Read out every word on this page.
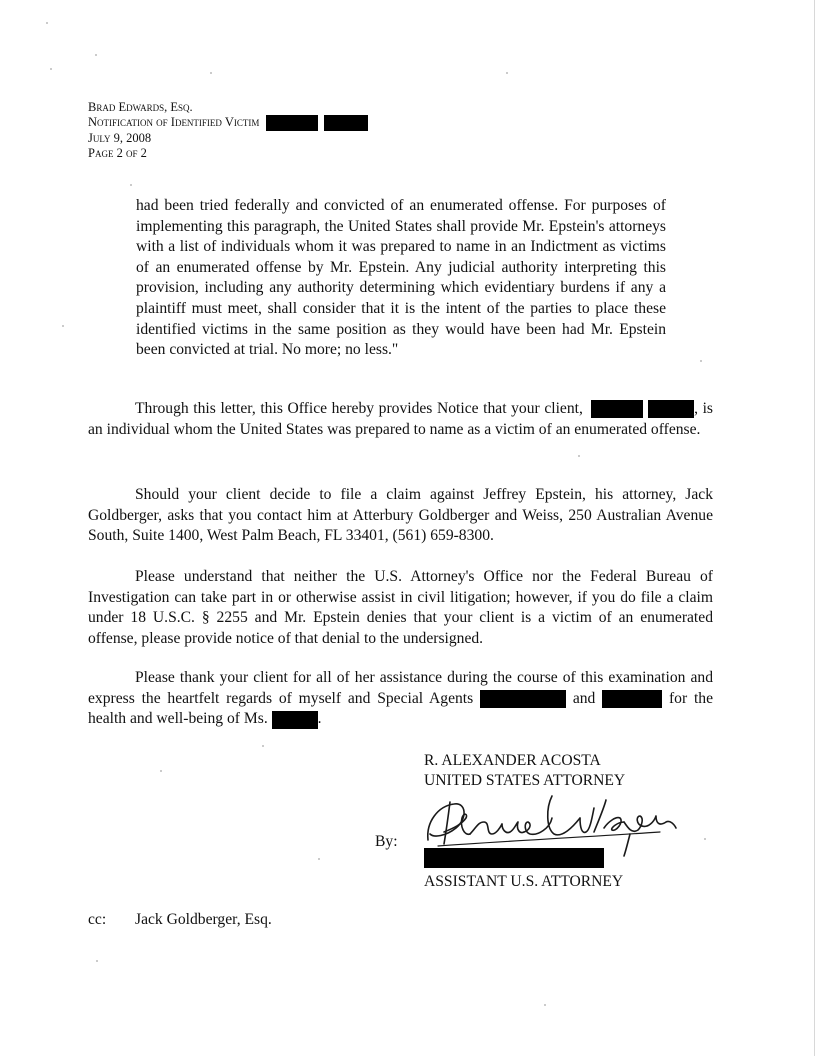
Brad Edwards, Esq.
Notification of Identified Victim
July 9, 2008
Page 2 of 2
had been tried federally and convicted of an enumerated offense. For purposes of implementing this paragraph, the United States shall provide Mr. Epstein's attorneys with a list of individuals whom it was prepared to name in an Indictment as victims of an enumerated offense by Mr. Epstein. Any judicial authority interpreting this provision, including any authority determining which evidentiary burdens if any a plaintiff must meet, shall consider that it is the intent of the parties to place these identified victims in the same position as they would have been had Mr. Epstein been convicted at trial. No more; no less."
Through this letter, this Office hereby provides Notice that your client,	, is an individual whom the United States was prepared to name as a victim of an enumerated offense.
Should your client decide to file a claim against Jeffrey Epstein, his attorney, Jack Goldberger, asks that you contact him at Atterbury Goldberger and Weiss, 250 Australian Avenue South, Suite 1400, West Palm Beach, FL 33401, (561) 659-8300.
Please understand that neither the U.S. Attorney's Office nor the Federal Bureau of Investigation can take part in or otherwise assist in civil litigation; however, if you do file a claim under 18 U.S.C. § 2255 and Mr. Epstein denies that your client is a victim of an enumerated offense, please provide notice of that denial to the undersigned.
Please thank your client for all of her assistance during the course of this examination and express the heartfelt regards of myself and Special Agents	and	for the health and well-being of Ms.	.
R. ALEXANDER ACOSTA
UNITED STATES ATTORNEY
By:
ASSISTANT U.S. ATTORNEY
cc: Jack Goldberger, Esq.
